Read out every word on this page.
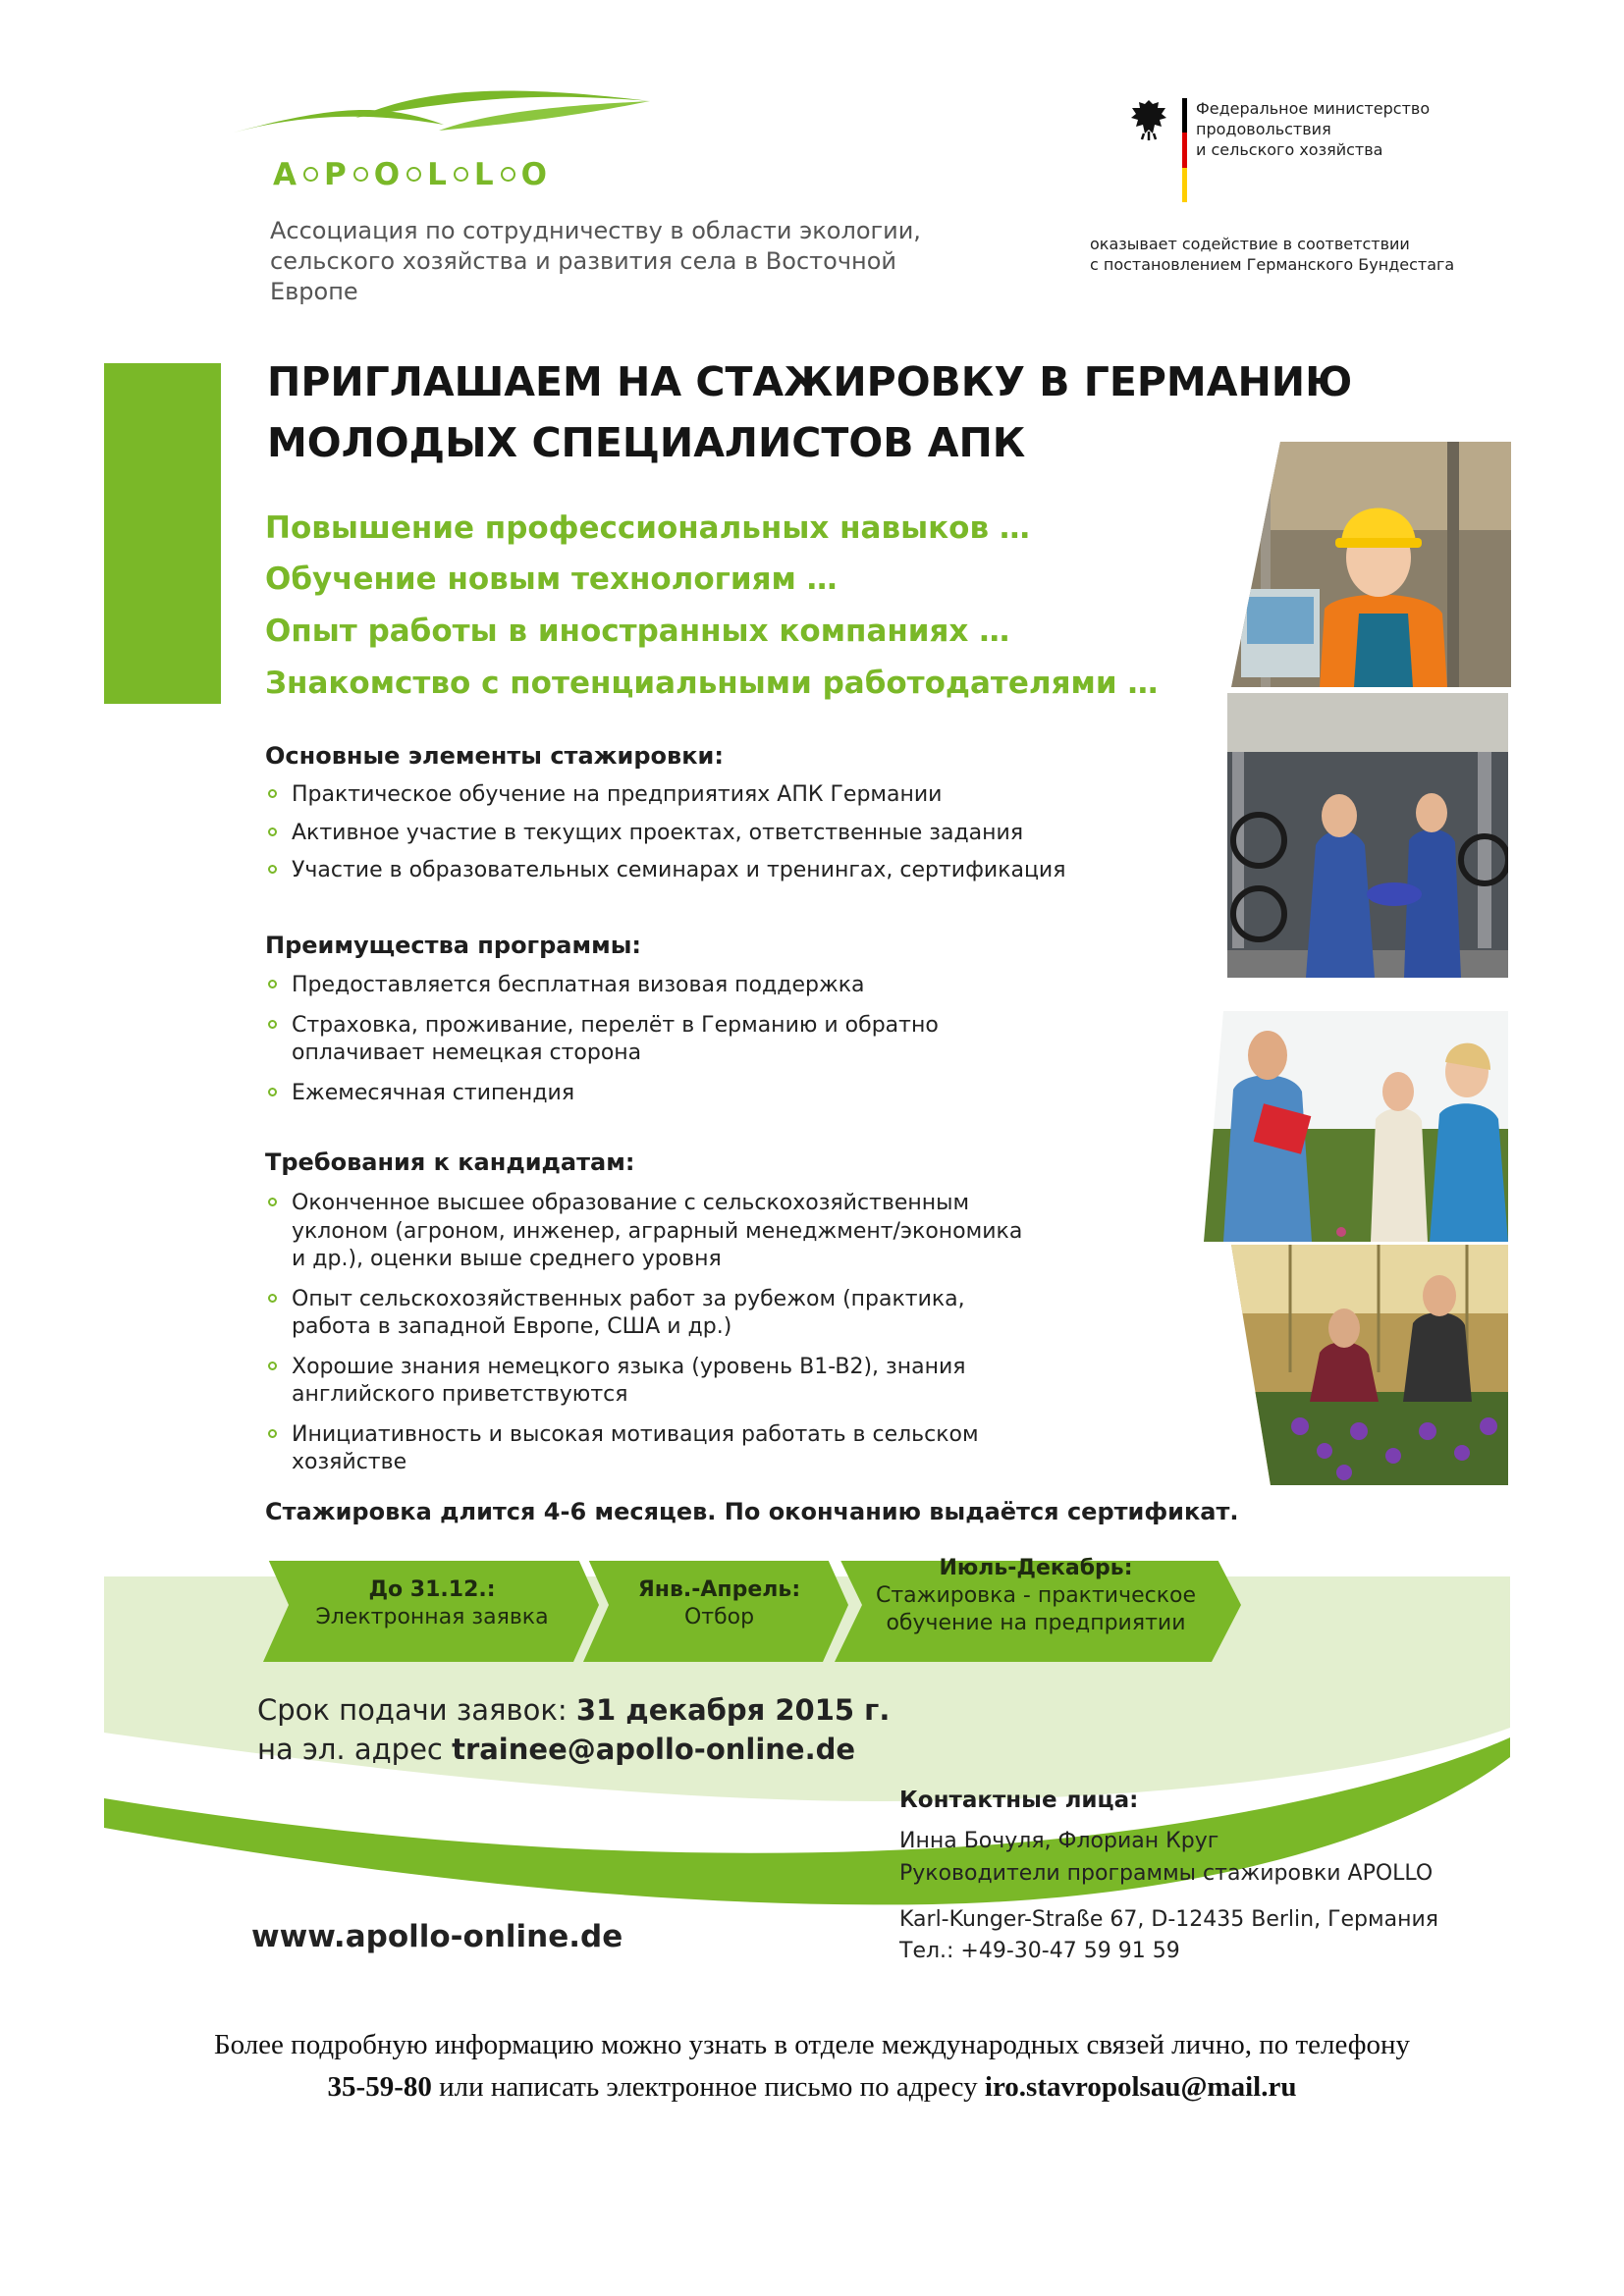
A P O L L O
Ассоциация по сотрудничеству в области экологии,
сельского хозяйства и развития села в Восточной Европе
Федеральное министерство
продовольствия
и сельского хозяйства
оказывает содействие в соответствии
с постановлением Германского Бундестага
ПРИГЛАШАЕМ НА СТАЖИРОВКУ В ГЕРМАНИЮ
МОЛОДЫХ СПЕЦИАЛИСТОВ АПК
Повышение профессиональных навыков …
Обучение новым технологиям …
Опыт работы в иностранных компаниях …
Знакомство с потенциальными работодателями …
Основные элементы стажировки:
Практическое обучение на предприятиях АПК Германии
Активное участие в текущих проектах, ответственные задания
Участие в образовательных семинарах и тренингах, сертификация
Преимущества программы:
Предоставляется бесплатная визовая поддержка
Страховка, проживание, перелёт в Германию и обратно оплачивает немецкая сторона
Ежемесячная стипендия
Требования к кандидатам:
Оконченное высшее образование с сельскохозяйственным уклоном (агроном, инженер, аграрный менеджмент/экономика и др.), оценки выше среднего уровня
Опыт сельскохозяйственных работ за рубежом (практика, работа в западной Европе, США и др.)
Хорошие знания немецкого языка (уровень B1-B2), знания английского приветствуются
Инициативность и высокая мотивация работать в сельском хозяйстве
Стажировка длится 4-6 месяцев. По окончанию выдаётся сертификат.
До 31.12.:
Электронная заявка
Янв.-Апрель:
Отбор
Июль-Декабрь:
Стажировка - практическое обучение на предприятии
Срок подачи заявок: 31 декабря 2015 г.
на эл. адрес trainee@apollo-online.de
Контактные лица:
Инна Бочуля, Флориан Круг
Руководители программы стажировки APOLLO
Karl-Kunger-Straße 67, D-12435 Berlin, Германия
Тел.: +49-30-47 59 91 59
www.apollo-online.de
Более подробную информацию можно узнать в отделе международных связей лично, по телефону
35-59-80 или написать электронное письмо по адресу iro.stavropolsau@mail.ru
